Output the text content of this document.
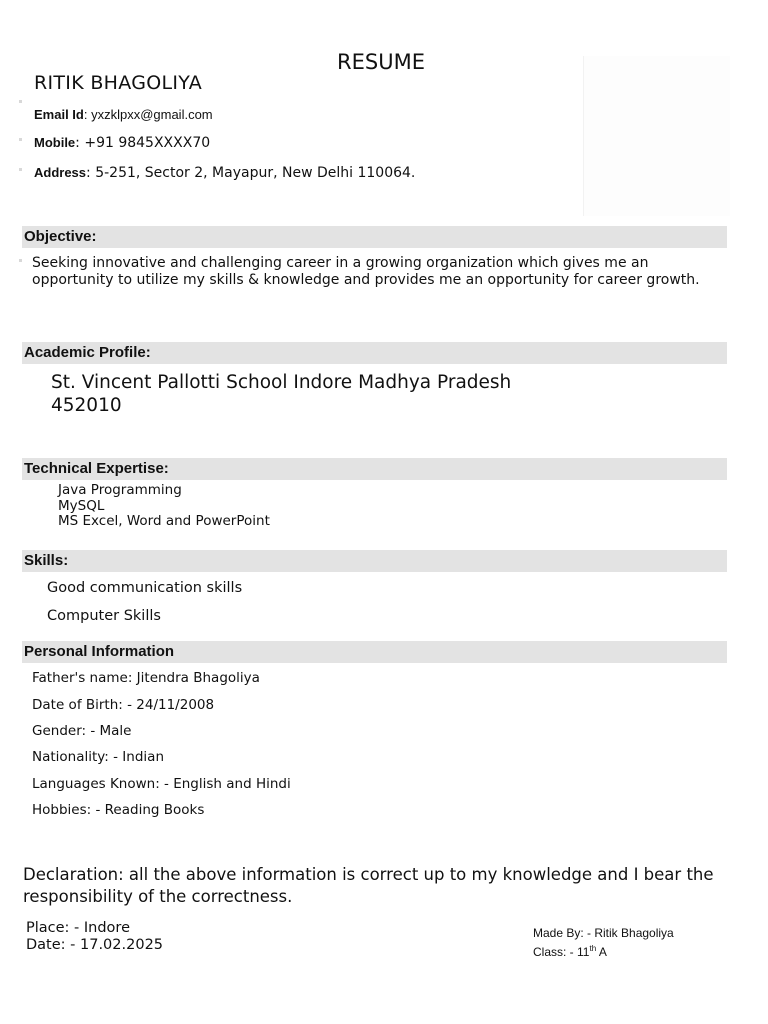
RESUME
RITIK BHAGOLIYA
Email Id: yxzklpxx@gmail.com
Mobile: +91 9845XXXX70
Address: 5-251, Sector 2, Mayapur, New Delhi 110064.
Objective:
Seeking innovative and challenging career in a growing organization which gives me an opportunity to utilize my skills & knowledge and provides me an opportunity for career growth.
Academic Profile:
St. Vincent Pallotti School Indore Madhya Pradesh
452010
Technical Expertise:
Java Programming
MySQL
MS Excel, Word and PowerPoint
Skills:
Good communication skills
Computer Skills
Personal Information
Father's name: Jitendra Bhagoliya
Date of Birth: - 24/11/2008
Gender: - Male
Nationality: - Indian
Languages Known: - English and Hindi
Hobbies: - Reading Books
Declaration: all the above information is correct up to my knowledge and I bear the responsibility of the correctness.
Place: - Indore
Date: - 17.02.2025
Made By: - Ritik Bhagoliya
Class: - 11th A
